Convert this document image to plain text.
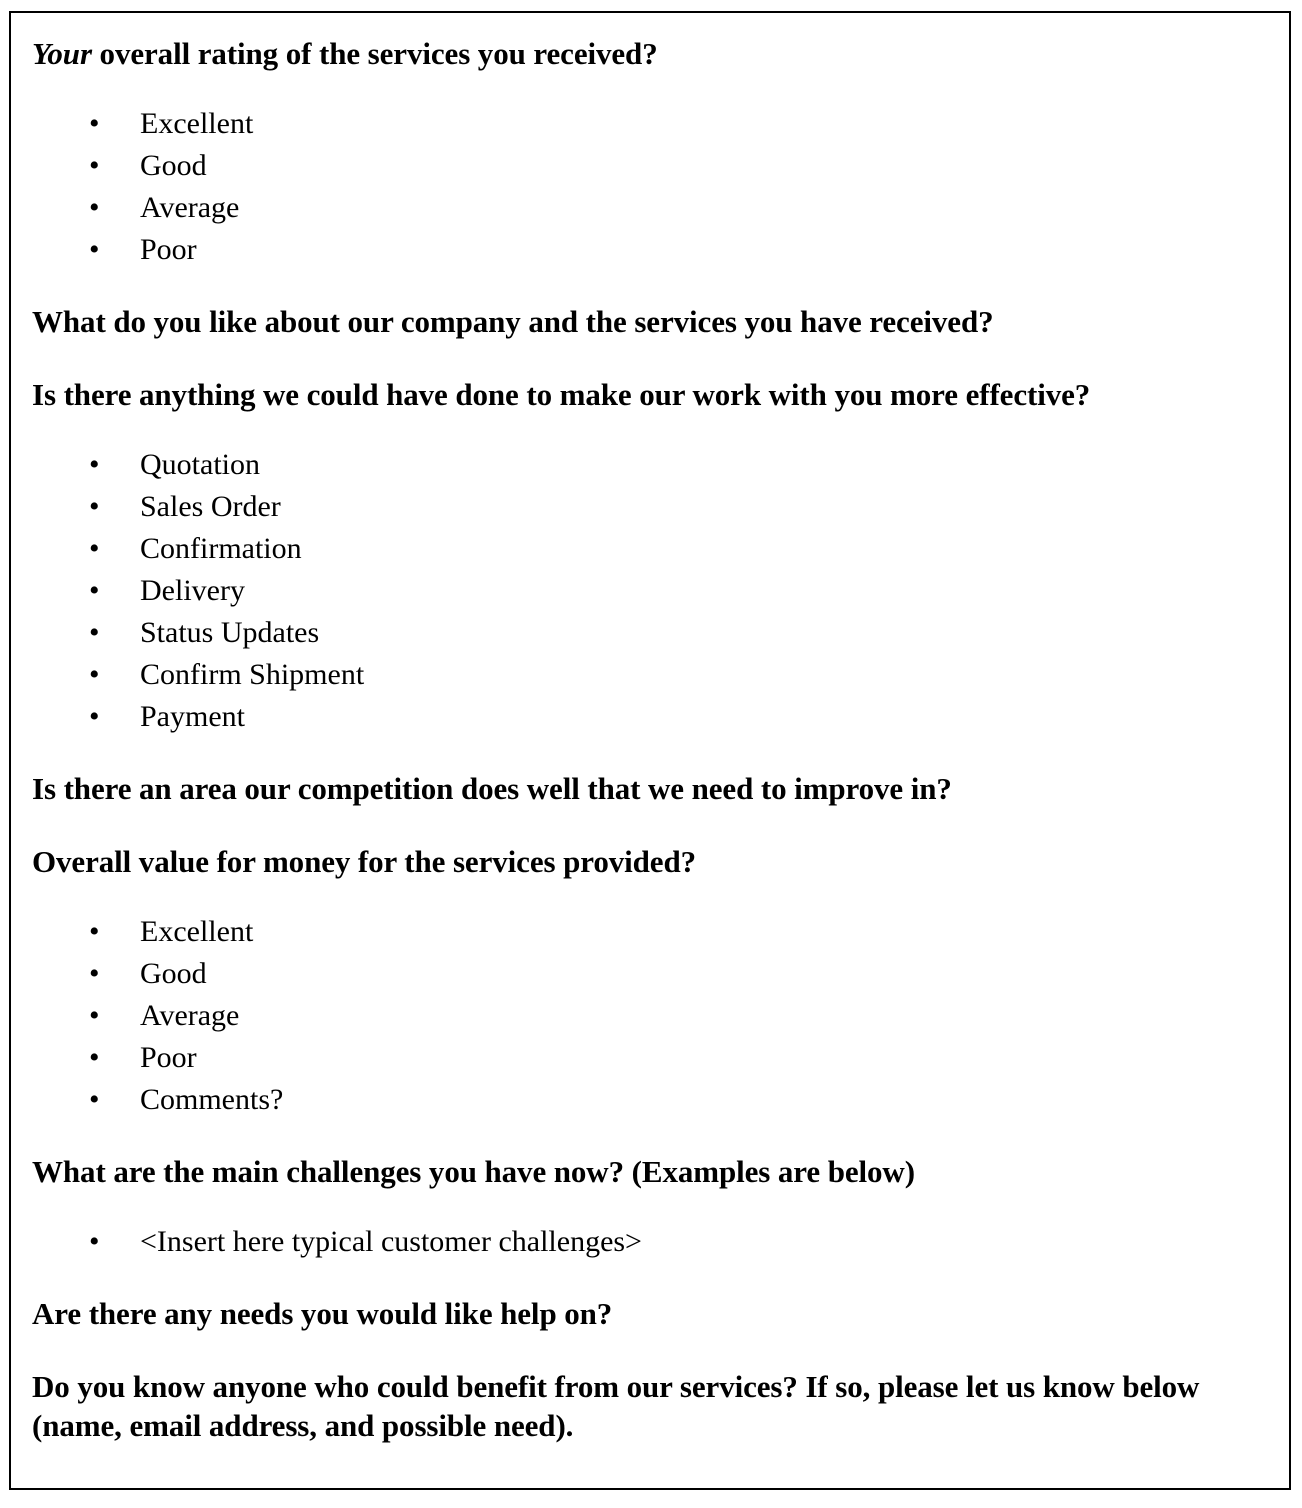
Your overall rating of the services you received?

• Excellent
• Good
• Average
• Poor

What do you like about our company and the services you have received?

Is there anything we could have done to make our work with you more effective?

• Quotation
• Sales Order
• Confirmation
• Delivery
• Status Updates
• Confirm Shipment
• Payment

Is there an area our competition does well that we need to improve in?

Overall value for money for the services provided?

• Excellent
• Good
• Average
• Poor
• Comments?

What are the main challenges you have now? (Examples are below)

• <Insert here typical customer challenges>

Are there any needs you would like help on?

Do you know anyone who could benefit from our services? If so, please let us know below (name, email address, and possible need).
